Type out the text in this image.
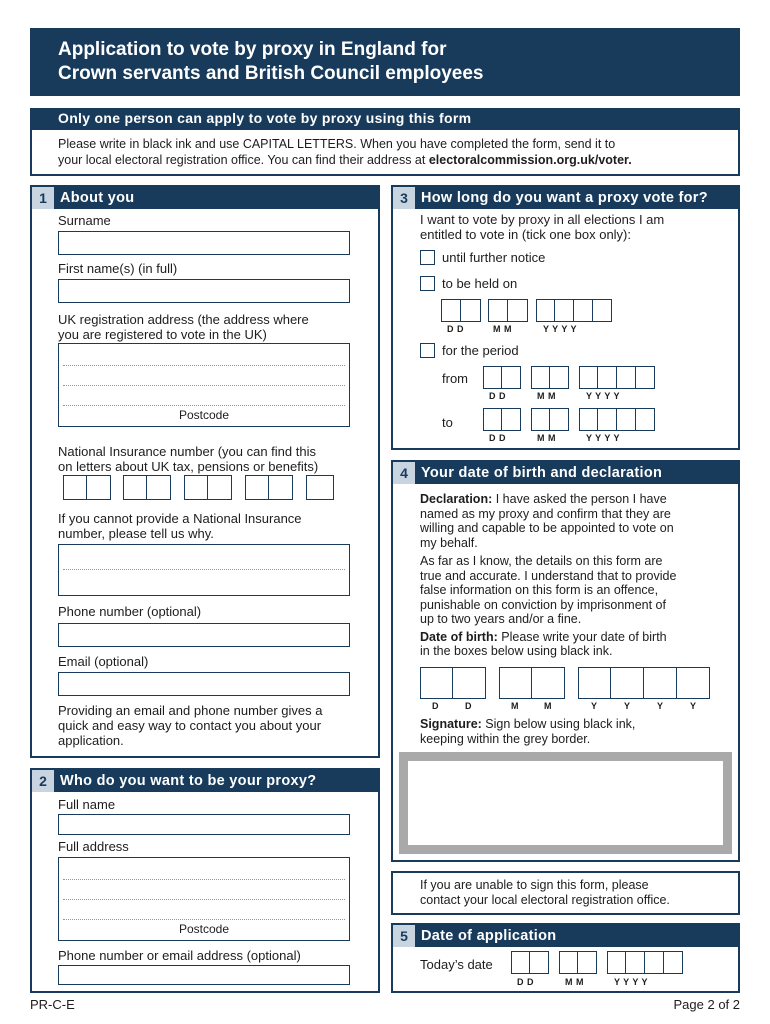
Application to vote by proxy in England for
Crown servants and British Council employees
Only one person can apply to vote by proxy using this form
Please write in black ink and use CAPITAL LETTERS. When you have completed the form, send it to
your local electoral registration office. You can find their address at electoralcommission.org.uk/voter.
1 About you
Surname
First name(s) (in full)
UK registration address (the address where
you are registered to vote in the UK)
Postcode
National Insurance number (you can find this
on letters about UK tax, pensions or benefits)
If you cannot provide a National Insurance
number, please tell us why.
Phone number (optional)
Email (optional)
Providing an email and phone number gives a
quick and easy way to contact you about your
application.
2 Who do you want to be your proxy?
Full name
Full address
Postcode
Phone number or email address (optional)
3 How long do you want a proxy vote for?
I want to vote by proxy in all elections I am
entitled to vote in (tick one box only):
until further notice
to be held on
D D	M M	Y Y Y Y
for the period
from
D D	M M	Y Y Y Y
to
D D	M M	Y Y Y Y
4 Your date of birth and declaration
Declaration: I have asked the person I have
named as my proxy and confirm that they are
willing and capable to be appointed to vote on
my behalf.
As far as I know, the details on this form are
true and accurate. I understand that to provide
false information on this form is an offence,
punishable on conviction by imprisonment of
up to two years and/or a fine.
Date of birth: Please write your date of birth
in the boxes below using black ink.
D	D	M	M	Y	Y	Y	Y
Signature: Sign below using black ink,
keeping within the grey border.
If you are unable to sign this form, please
contact your local electoral registration office.
5 Date of application
Today’s date
D D	M M	Y Y Y Y
PR-C-E	Page 2 of 2
